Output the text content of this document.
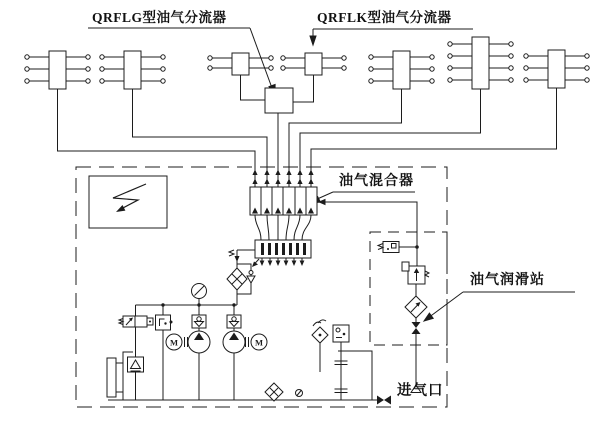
M	M
QRFLG型油气分流器	QRFLK型油气分流器
油气混合器
油气润滑站
进气口
